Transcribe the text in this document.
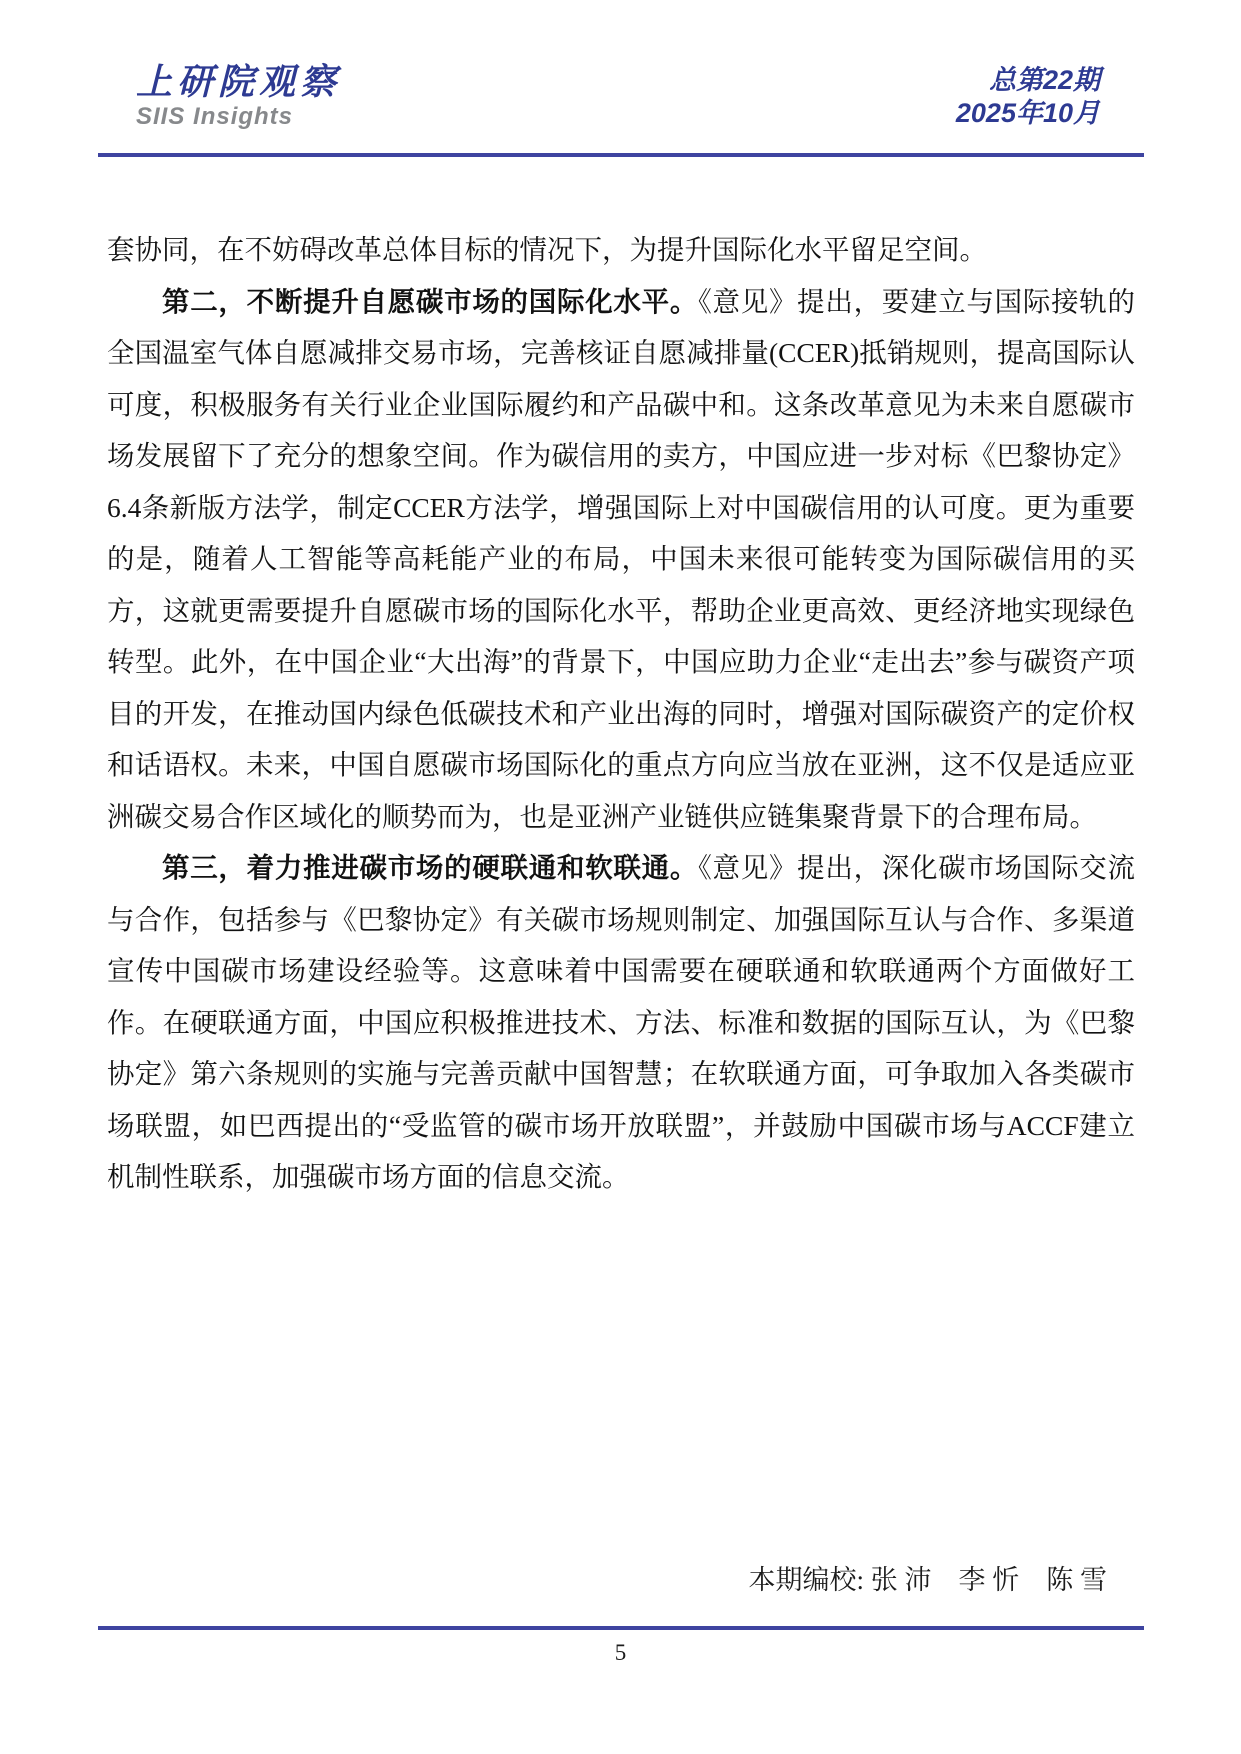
上研院观察
SIIS Insights
总第22期
2025年10月

套协同，在不妨碍改革总体目标的情况下，为提升国际化水平留足空间。

第二，不断提升自愿碳市场的国际化水平。《意见》提出，要建立与国际接轨的全国温室气体自愿减排交易市场，完善核证自愿减排量(CCER)抵销规则，提高国际认可度，积极服务有关行业企业国际履约和产品碳中和。这条改革意见为未来自愿碳市场发展留下了充分的想象空间。作为碳信用的卖方，中国应进一步对标《巴黎协定》6.4条新版方法学，制定CCER方法学，增强国际上对中国碳信用的认可度。更为重要的是，随着人工智能等高耗能产业的布局，中国未来很可能转变为国际碳信用的买方，这就更需要提升自愿碳市场的国际化水平，帮助企业更高效、更经济地实现绿色转型。此外，在中国企业“大出海”的背景下，中国应助力企业“走出去”参与碳资产项目的开发，在推动国内绿色低碳技术和产业出海的同时，增强对国际碳资产的定价权和话语权。未来，中国自愿碳市场国际化的重点方向应当放在亚洲，这不仅是适应亚洲碳交易合作区域化的顺势而为，也是亚洲产业链供应链集聚背景下的合理布局。

第三，着力推进碳市场的硬联通和软联通。《意见》提出，深化碳市场国际交流与合作，包括参与《巴黎协定》有关碳市场规则制定、加强国际互认与合作、多渠道宣传中国碳市场建设经验等。这意味着中国需要在硬联通和软联通两个方面做好工作。在硬联通方面，中国应积极推进技术、方法、标准和数据的国际互认，为《巴黎协定》第六条规则的实施与完善贡献中国智慧；在软联通方面，可争取加入各类碳市场联盟，如巴西提出的“受监管的碳市场开放联盟”，并鼓励中国碳市场与ACCF建立机制性联系，加强碳市场方面的信息交流。

本期编校: 张 沛　李 忻　陈 雪
5
